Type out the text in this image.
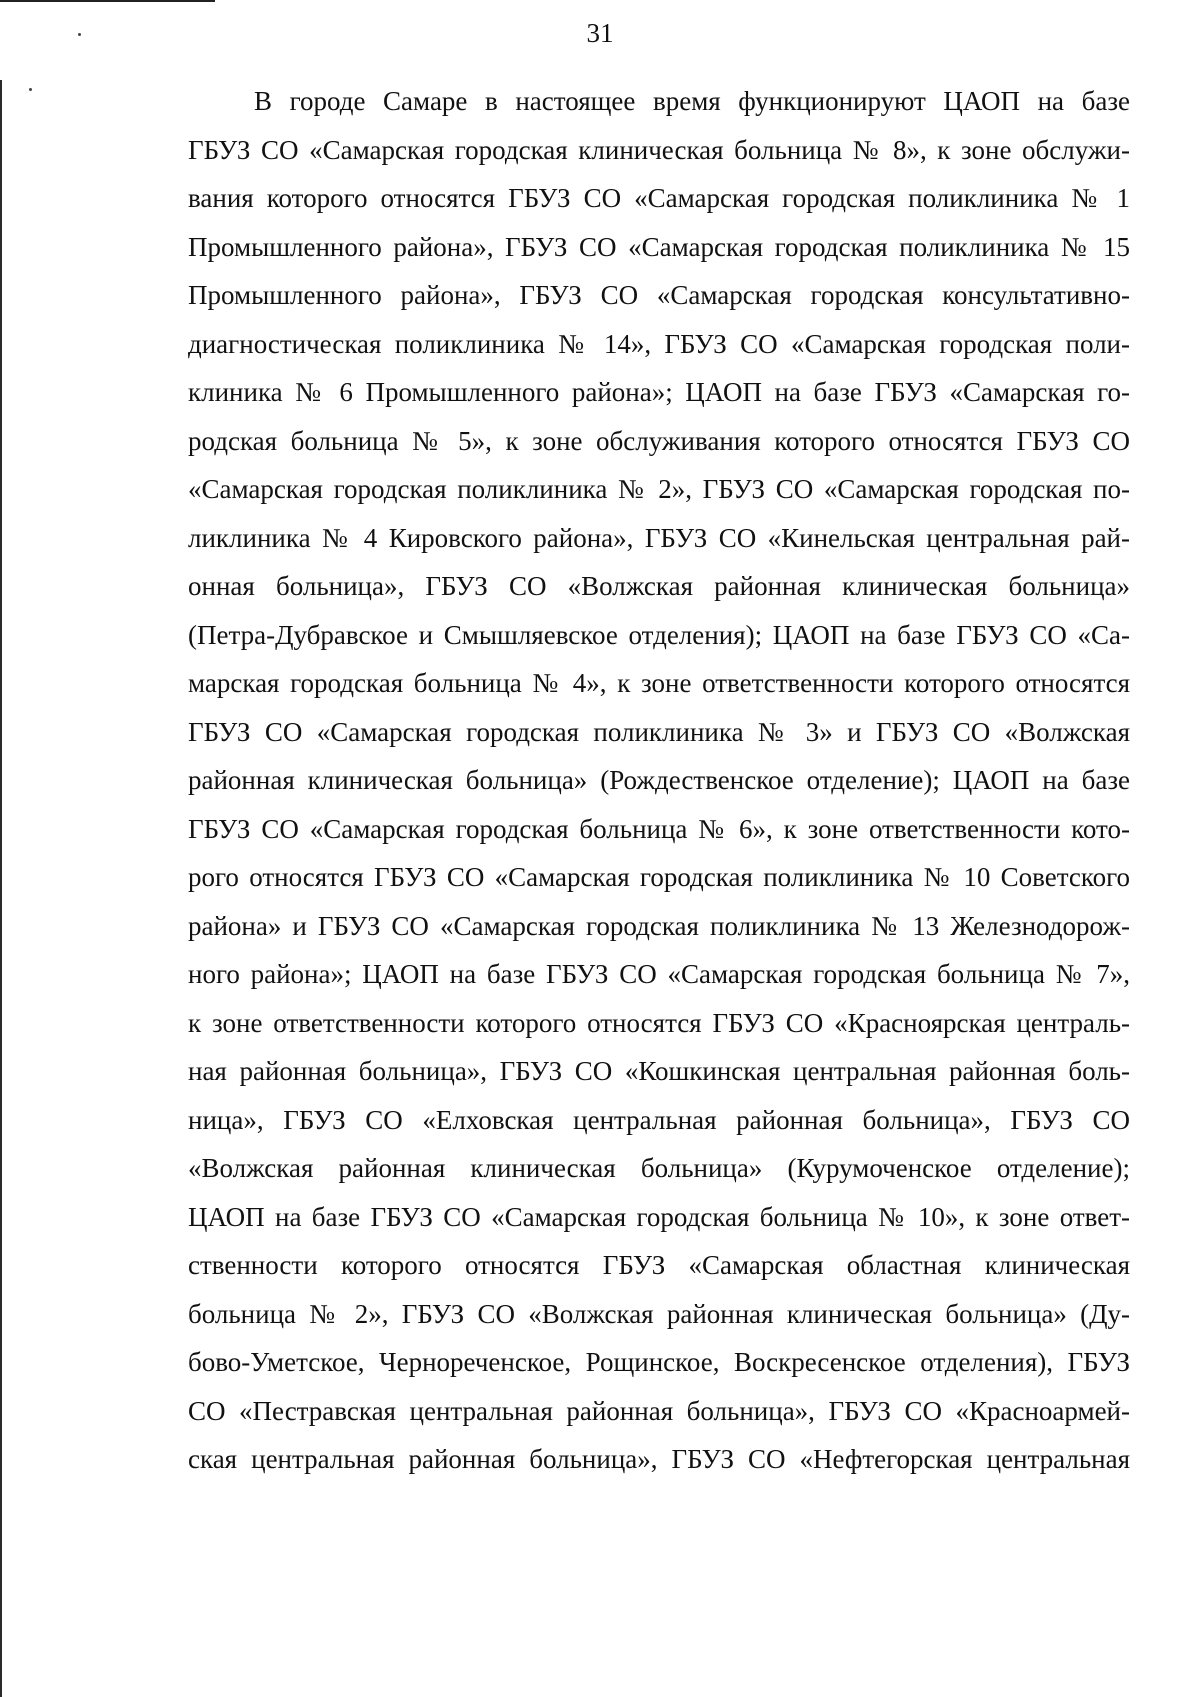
31
В городе Самаре в настоящее время функционируют ЦАОП на базе
ГБУЗ СО «Самарская городская клиническая больница № 8», к зоне обслужи-
вания которого относятся ГБУЗ СО «Самарская городская поликлиника № 1
Промышленного района», ГБУЗ СО «Самарская городская поликлиника № 15
Промышленного района», ГБУЗ СО «Самарская городская консультативно-
диагностическая поликлиника № 14», ГБУЗ СО «Самарская городская поли-
клиника № 6 Промышленного района»; ЦАОП на базе ГБУЗ «Самарская го-
родская больница № 5», к зоне обслуживания которого относятся ГБУЗ СО
«Самарская городская поликлиника № 2», ГБУЗ СО «Самарская городская по-
ликлиника № 4 Кировского района», ГБУЗ СО «Кинельская центральная рай-
онная больница», ГБУЗ СО «Волжская районная клиническая больница»
(Петра-Дубравское и Смышляевское отделения); ЦАОП на базе ГБУЗ СО «Са-
марская городская больница № 4», к зоне ответственности которого относятся
ГБУЗ СО «Самарская городская поликлиника № 3» и ГБУЗ СО «Волжская
районная клиническая больница» (Рождественское отделение); ЦАОП на базе
ГБУЗ СО «Самарская городская больница № 6», к зоне ответственности кото-
рого относятся ГБУЗ СО «Самарская городская поликлиника № 10 Советского
района» и ГБУЗ СО «Самарская городская поликлиника № 13 Железнодорож-
ного района»; ЦАОП на базе ГБУЗ СО «Самарская городская больница № 7»,
к зоне ответственности которого относятся ГБУЗ СО «Красноярская централь-
ная районная больница», ГБУЗ СО «Кошкинская центральная районная боль-
ница», ГБУЗ СО «Елховская центральная районная больница», ГБУЗ СО
«Волжская районная клиническая больница» (Курумоченское отделение);
ЦАОП на базе ГБУЗ СО «Самарская городская больница № 10», к зоне ответ-
ственности которого относятся ГБУЗ «Самарская областная клиническая
больница № 2», ГБУЗ СО «Волжская районная клиническая больница» (Ду-
бово-Уметское, Чернореченское, Рощинское, Воскресенское отделения), ГБУЗ
СО «Пестравская центральная районная больница», ГБУЗ СО «Красноармей-
ская центральная районная больница», ГБУЗ СО «Нефтегорская центральная
